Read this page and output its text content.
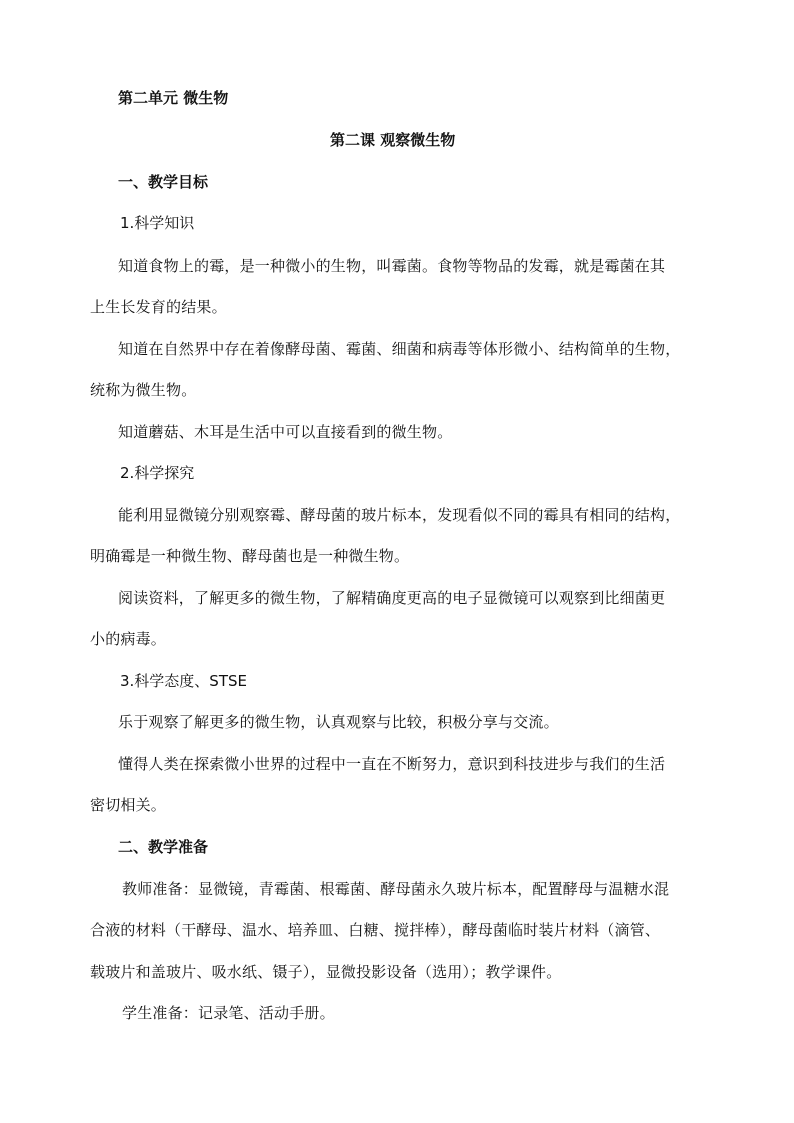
第二单元 微生物
第二课 观察微生物
一、教学目标
1.科学知识
知道食物上的霉，是一种微小的生物，叫霉菌。食物等物品的发霉，就是霉菌在其
上生长发育的结果。
知道在自然界中存在着像酵母菌、霉菌、细菌和病毒等体形微小、结构简单的生物，
统称为微生物。
知道蘑菇、木耳是生活中可以直接看到的微生物。
2.科学探究
能利用显微镜分别观察霉、酵母菌的玻片标本，发现看似不同的霉具有相同的结构，
明确霉是一种微生物、酵母菌也是一种微生物。
阅读资料，了解更多的微生物，了解精确度更高的电子显微镜可以观察到比细菌更
小的病毒。
3.科学态度、STSE
乐于观察了解更多的微生物，认真观察与比较，积极分享与交流。
懂得人类在探索微小世界的过程中一直在不断努力，意识到科技进步与我们的生活
密切相关。
二、教学准备
教师准备：显微镜，青霉菌、根霉菌、酵母菌永久玻片标本，配置酵母与温糖水混
合液的材料（干酵母、温水、培养皿、白糖、搅拌棒），酵母菌临时装片材料（滴管、
载玻片和盖玻片、吸水纸、镊子），显微投影设备（选用）；教学课件。
学生准备：记录笔、活动手册。
